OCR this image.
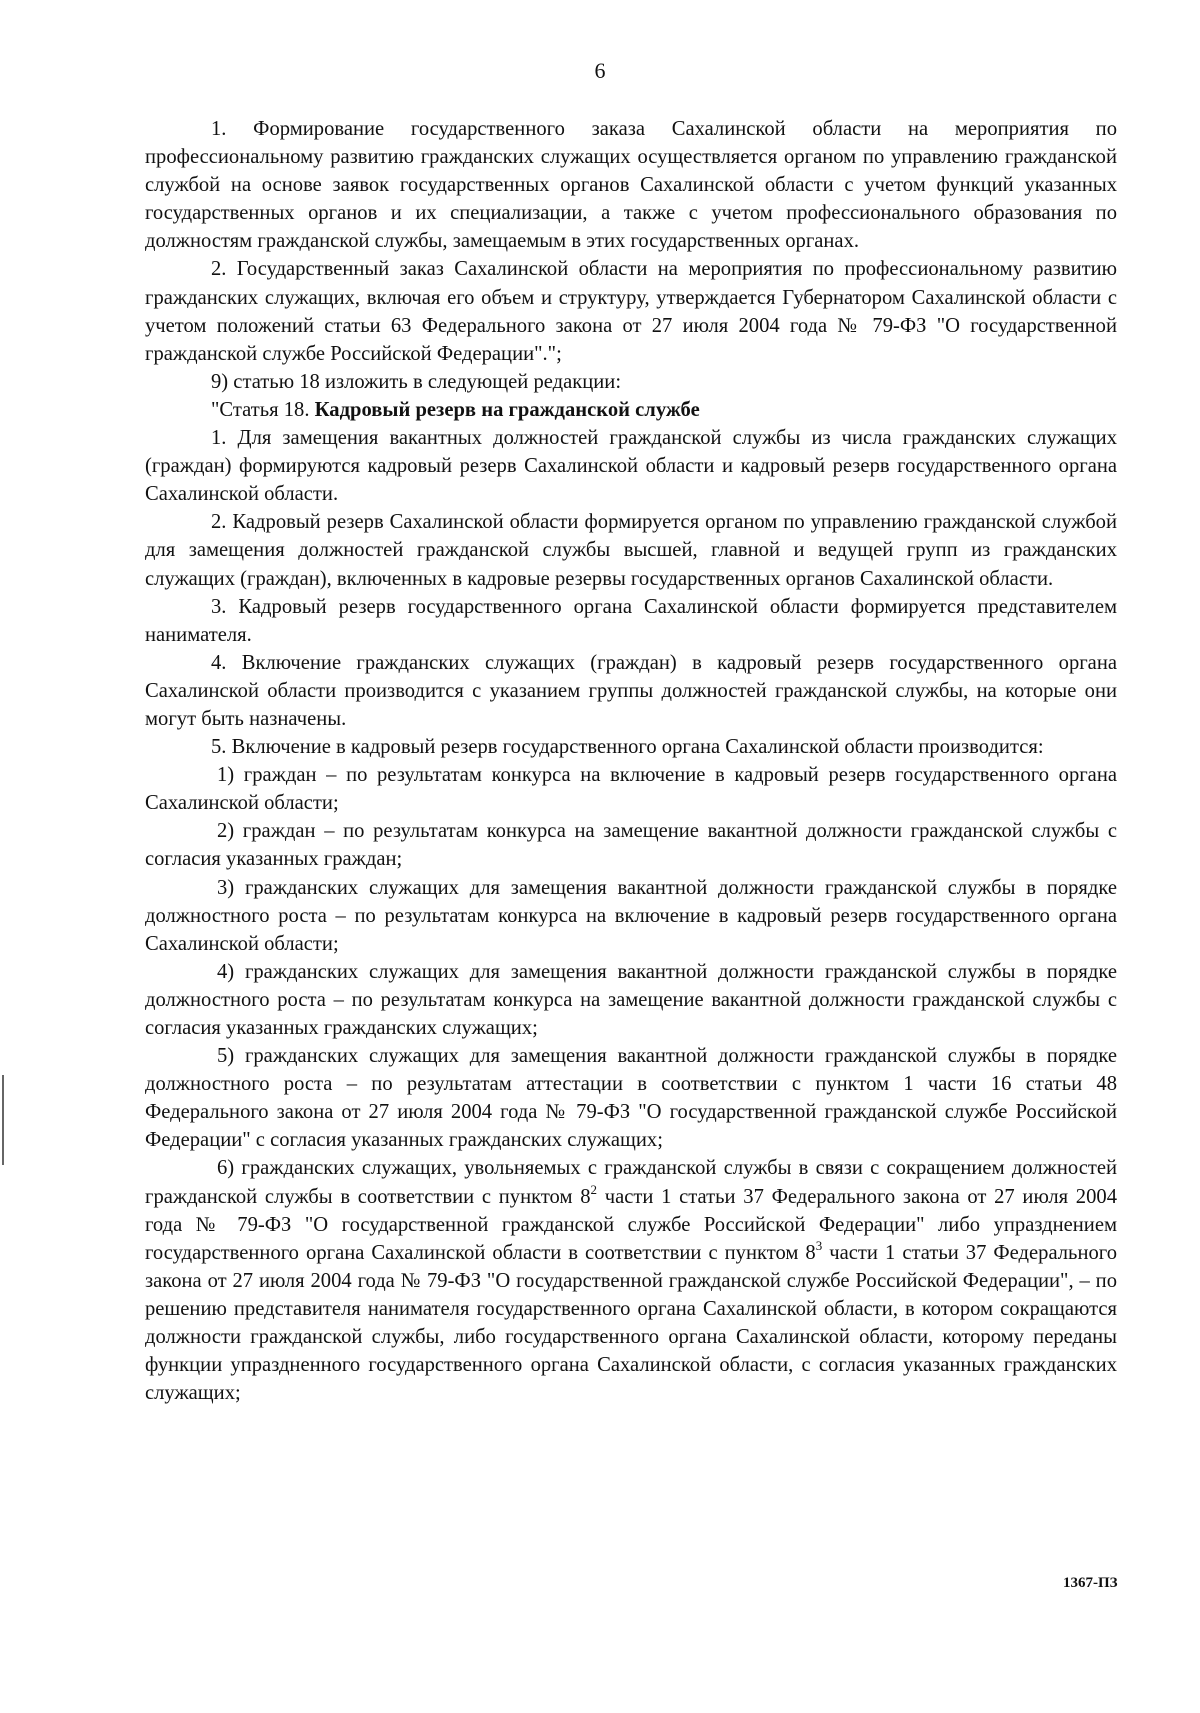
6

1. Формирование государственного заказа Сахалинской области на мероприятия по профессиональному развитию гражданских служащих осуществляется органом по управлению гражданской службой на основе заявок государственных органов Сахалинской области с учетом функций указанных государственных органов и их специализации, а также с учетом профессионального образования по должностям гражданской службы, замещаемым в этих государственных органах.

2. Государственный заказ Сахалинской области на мероприятия по профессиональному развитию гражданских служащих, включая его объем и структуру, утверждается Губернатором Сахалинской области с учетом положений статьи 63 Федерального закона от 27 июля 2004 года № 79-ФЗ "О государственной гражданской службе Российской Федерации".";

9) статью 18 изложить в следующей редакции:

"Статья 18. Кадровый резерв на гражданской службе

1. Для замещения вакантных должностей гражданской службы из числа гражданских служащих (граждан) формируются кадровый резерв Сахалинской области и кадровый резерв государственного органа Сахалинской области.

2. Кадровый резерв Сахалинской области формируется органом по управлению гражданской службой для замещения должностей гражданской службы высшей, главной и ведущей групп из гражданских служащих (граждан), включенных в кадровые резервы государственных органов Сахалинской области.

3. Кадровый резерв государственного органа Сахалинской области формируется представителем нанимателя.

4. Включение гражданских служащих (граждан) в кадровый резерв государственного органа Сахалинской области производится с указанием группы должностей гражданской службы, на которые они могут быть назначены.

5. Включение в кадровый резерв государственного органа Сахалинской области производится:

1) граждан – по результатам конкурса на включение в кадровый резерв государственного органа Сахалинской области;

2) граждан – по результатам конкурса на замещение вакантной должности гражданской службы с согласия указанных граждан;

3) гражданских служащих для замещения вакантной должности гражданской службы в порядке должностного роста – по результатам конкурса на включение в кадровый резерв государственного органа Сахалинской области;

4) гражданских служащих для замещения вакантной должности гражданской службы в порядке должностного роста – по результатам конкурса на замещение вакантной должности гражданской службы с согласия указанных гражданских служащих;

5) гражданских служащих для замещения вакантной должности гражданской службы в порядке должностного роста – по результатам аттестации в соответствии с пунктом 1 части 16 статьи 48 Федерального закона от 27 июля 2004 года № 79-ФЗ "О государственной гражданской службе Российской Федерации" с согласия указанных гражданских служащих;

6) гражданских служащих, увольняемых с гражданской службы в связи с сокращением должностей гражданской службы в соответствии с пунктом $8^2$ части 1 статьи 37 Федерального закона от 27 июля 2004 года № 79-ФЗ "О государственной гражданской службе Российской Федерации" либо упразднением государственного органа Сахалинской области в соответствии с пунктом $8^3$ части 1 статьи 37 Федерального закона от 27 июля 2004 года № 79-ФЗ "О государственной гражданской службе Российской Федерации", – по решению представителя нанимателя государственного органа Сахалинской области, в котором сокращаются должности гражданской службы, либо государственного органа Сахалинской области, которому переданы функции упраздненного государственного органа Сахалинской области, с согласия указанных гражданских служащих;

1367-ПЗ
